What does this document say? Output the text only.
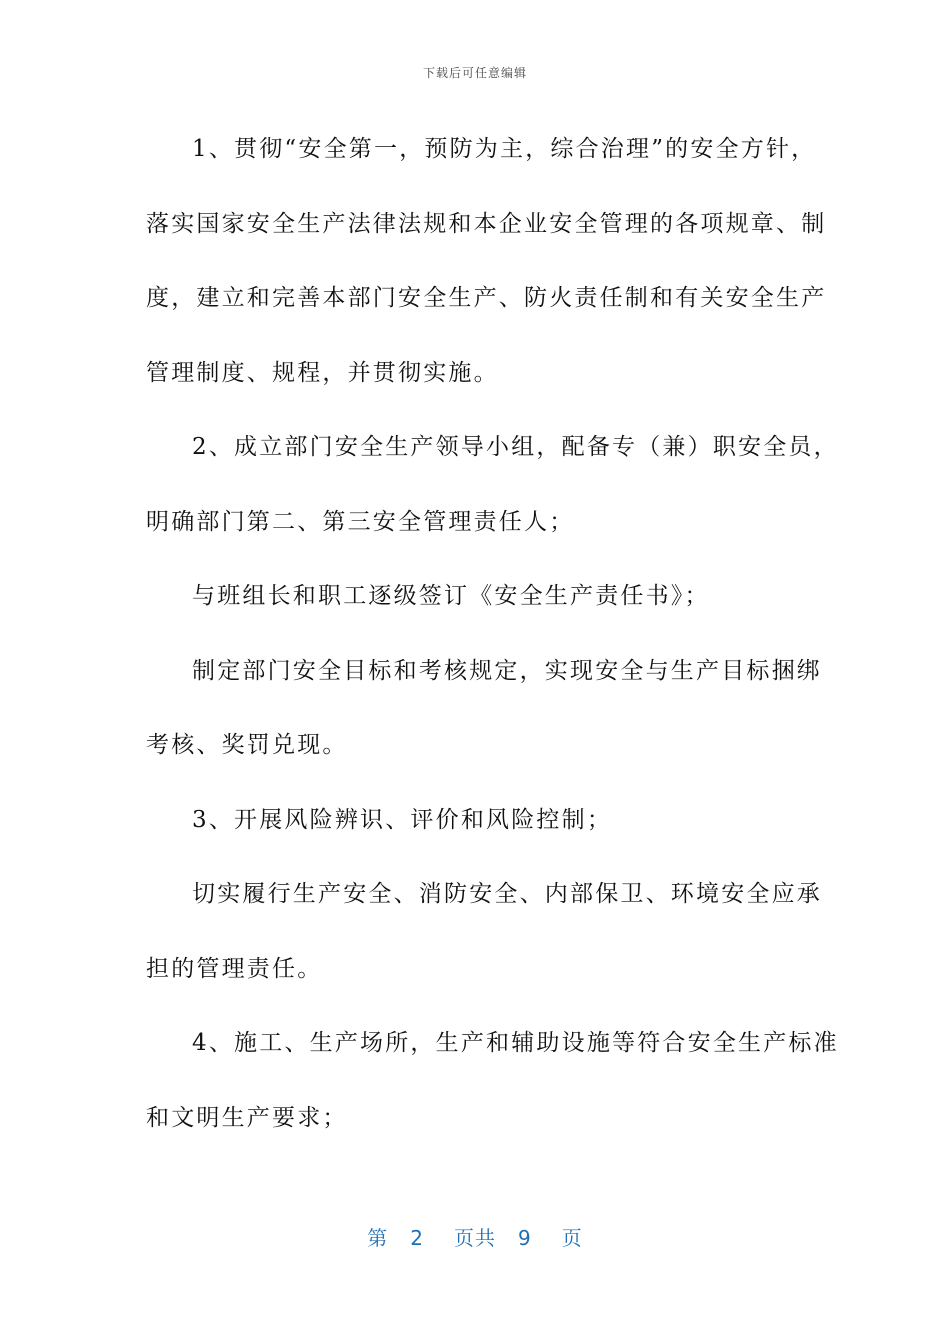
下载后可任意编辑
1、贯彻“安全第一，预防为主，综合治理”的安全方针，
落实国家安全生产法律法规和本企业安全管理的各项规章、制
度，建立和完善本部门安全生产、防火责任制和有关安全生产
管理制度、规程，并贯彻实施。
2、成立部门安全生产领导小组，配备专（兼）职安全员，
明确部门第二、第三安全管理责任人；
与班组长和职工逐级签订《安全生产责任书》；
制定部门安全目标和考核规定，实现安全与生产目标捆绑
考核、奖罚兑现。
3、开展风险辨识、评价和风险控制；
切实履行生产安全、消防安全、内部保卫、环境安全应承
担的管理责任。
4、施工、生产场所，生产和辅助设施等符合安全生产标准
和文明生产要求；
第 2 页共 9 页
